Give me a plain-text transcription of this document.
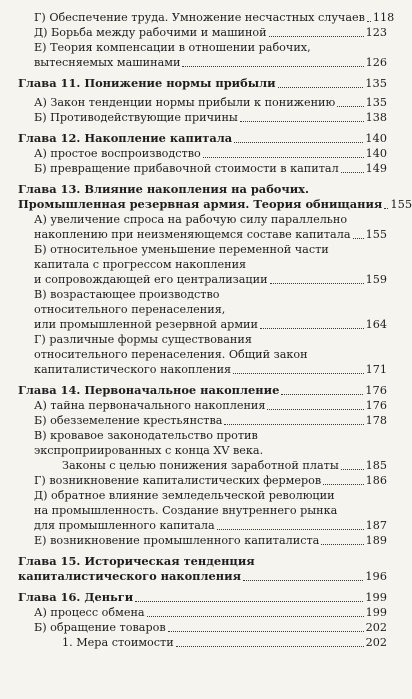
Г) Обеспечение труда. Умножение несчастных случаев 118
Д) Борьба между рабочими и машиной	123
Е) Теория компенсации в отношении рабочих,
вытесняемых машинами	126
Глава 11. Понижение нормы прибыли	135
А) Закон тенденции нормы прибыли к понижению	135
Б) Противодействующие причины	138
Глава 12. Накопление капитала	140
А) простое воспроизводство	140
Б) превращение прибавочной стоимости в капитал 149
Глава 13. Влияние накопления на рабочих.
Промышленная резервная армия. Теория обнищания 155
А) увеличение спроса на рабочую силу параллельно
накоплению при неизменяющемся составе капитала 155
Б) относительное уменьшение переменной части
капитала с прогрессом накопления
и сопровождающей его централизации	159
В) возрастающее производство
относительного перенаселения,
или промышленной резервной армии	164
Г) различные формы существования
относительного перенаселения. Общий закон
капиталистического накопления	171
Глава 14. Первоначальное накопление	176
А) тайна первоначального накопления	176
Б) обезземеление крестьянства	178
В) кровавое законодательство против
экспроприированных с конца XV века.
Законы с целью понижения заработной платы 185
Г) возникновение капиталистических фермеров	186
Д) обратное влияние земледельческой революции
на промышленность. Создание внутреннего рынка
для промышленного капитала	187
Е) возникновение промышленного капиталиста	189
Глава 15. Историческая тенденция
капиталистического накопления	196
Глава 16. Деньги	199
А) процесс обмена	199
Б) обращение товаров	202
1. Мера стоимости	202
